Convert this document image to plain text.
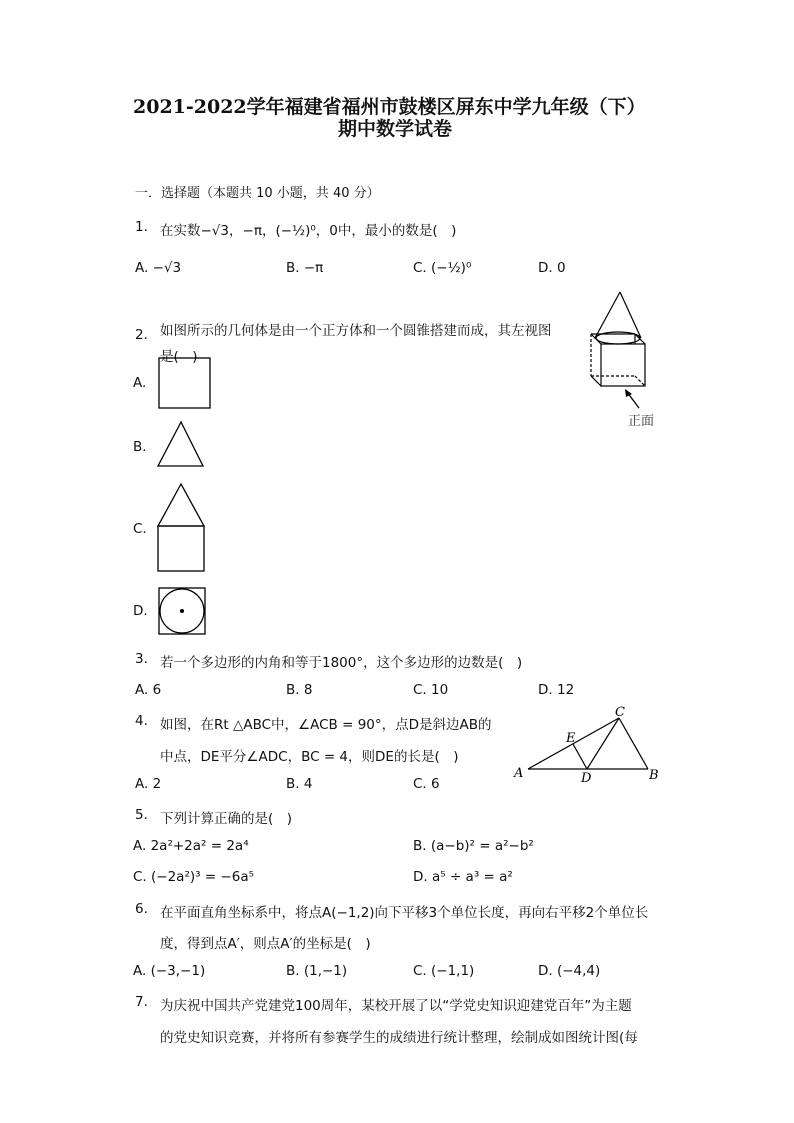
2021-2022学年福建省福州市鼓楼区屏东中学九年级（下）
期中数学试卷
一．选择题（本题共 10 小题，共 40 分）
1. 在实数−√3，−π，(−½)⁰，0中，最小的数是(　)
A. −√3	B. −π	C. (−½)⁰	D. 0
2. 如图所示的几何体是由一个正方体和一个圆锥搭建而成，其左视图
是(　)
正面
A.
B.
C.
D.
3. 若一个多边形的内角和等于1800°，这个多边形的边数是(　)
A. 6	B. 8	C. 10	D. 12
4. 如图，在Rt △ABC中，∠ACB = 90°，点D是斜边AB的
中点，DE平分∠ADC，BC = 4，则DE的长是(　)
A. 2	B. 4	C. 6
A	B
C
D
E
5. 下列计算正确的是(　)
A. 2a²+2a² = 2a⁴	B. (a−b)² = a²−b²
C. (−2a²)³ = −6a⁵	D. a⁵ ÷ a³ = a²
6. 在平面直角坐标系中，将点A(−1,2)向下平移3个单位长度，再向右平移2个单位长
度，得到点A′，则点A′的坐标是(　)
A. (−3,−1)	B. (1,−1)	C. (−1,1)	D. (−4,4)
7. 为庆祝中国共产党建党100周年，某校开展了以“学党史知识迎建党百年”为主题
的党史知识竞赛，并将所有参赛学生的成绩进行统计整理，绘制成如图统计图(每
